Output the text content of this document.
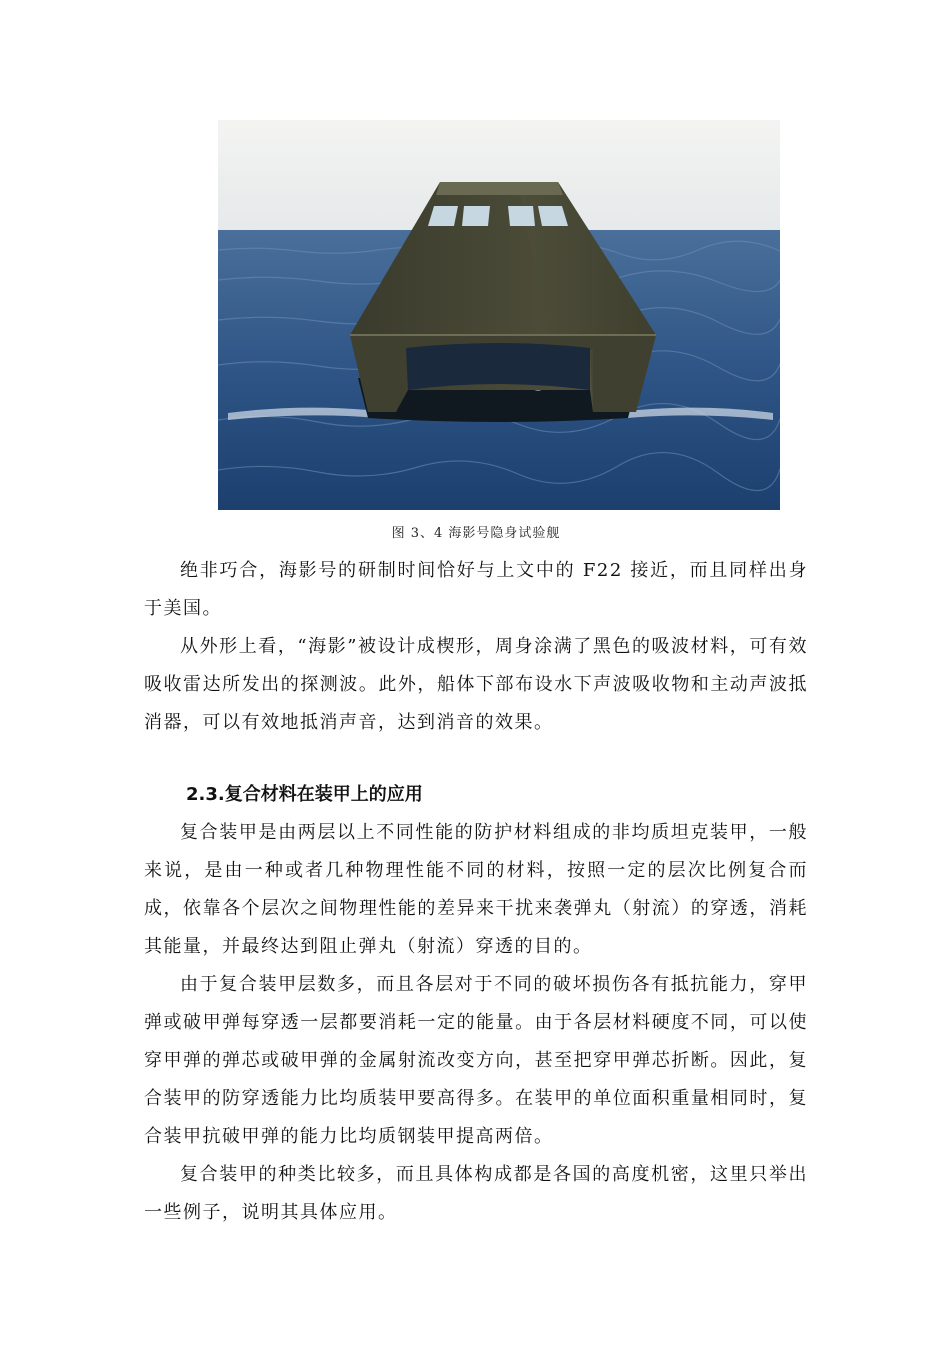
图 3、4 海影号隐身试验舰

绝非巧合，海影号的研制时间恰好与上文中的 F22 接近，而且同样出身于美国。

从外形上看，“海影”被设计成楔形，周身涂满了黑色的吸波材料，可有效吸收雷达所发出的探测波。此外，船体下部布设水下声波吸收物和主动声波抵消器，可以有效地抵消声音，达到消音的效果。

2.3.复合材料在装甲上的应用

复合装甲是由两层以上不同性能的防护材料组成的非均质坦克装甲，一般来说，是由一种或者几种物理性能不同的材料，按照一定的层次比例复合而成，依靠各个层次之间物理性能的差异来干扰来袭弹丸（射流）的穿透，消耗其能量，并最终达到阻止弹丸（射流）穿透的目的。

由于复合装甲层数多，而且各层对于不同的破坏损伤各有抵抗能力，穿甲弹或破甲弹每穿透一层都要消耗一定的能量。由于各层材料硬度不同，可以使穿甲弹的弹芯或破甲弹的金属射流改变方向，甚至把穿甲弹芯折断。因此，复合装甲的防穿透能力比均质装甲要高得多。在装甲的单位面积重量相同时，复合装甲抗破甲弹的能力比均质钢装甲提高两倍。

复合装甲的种类比较多，而且具体构成都是各国的高度机密，这里只举出一些例子，说明其具体应用。
